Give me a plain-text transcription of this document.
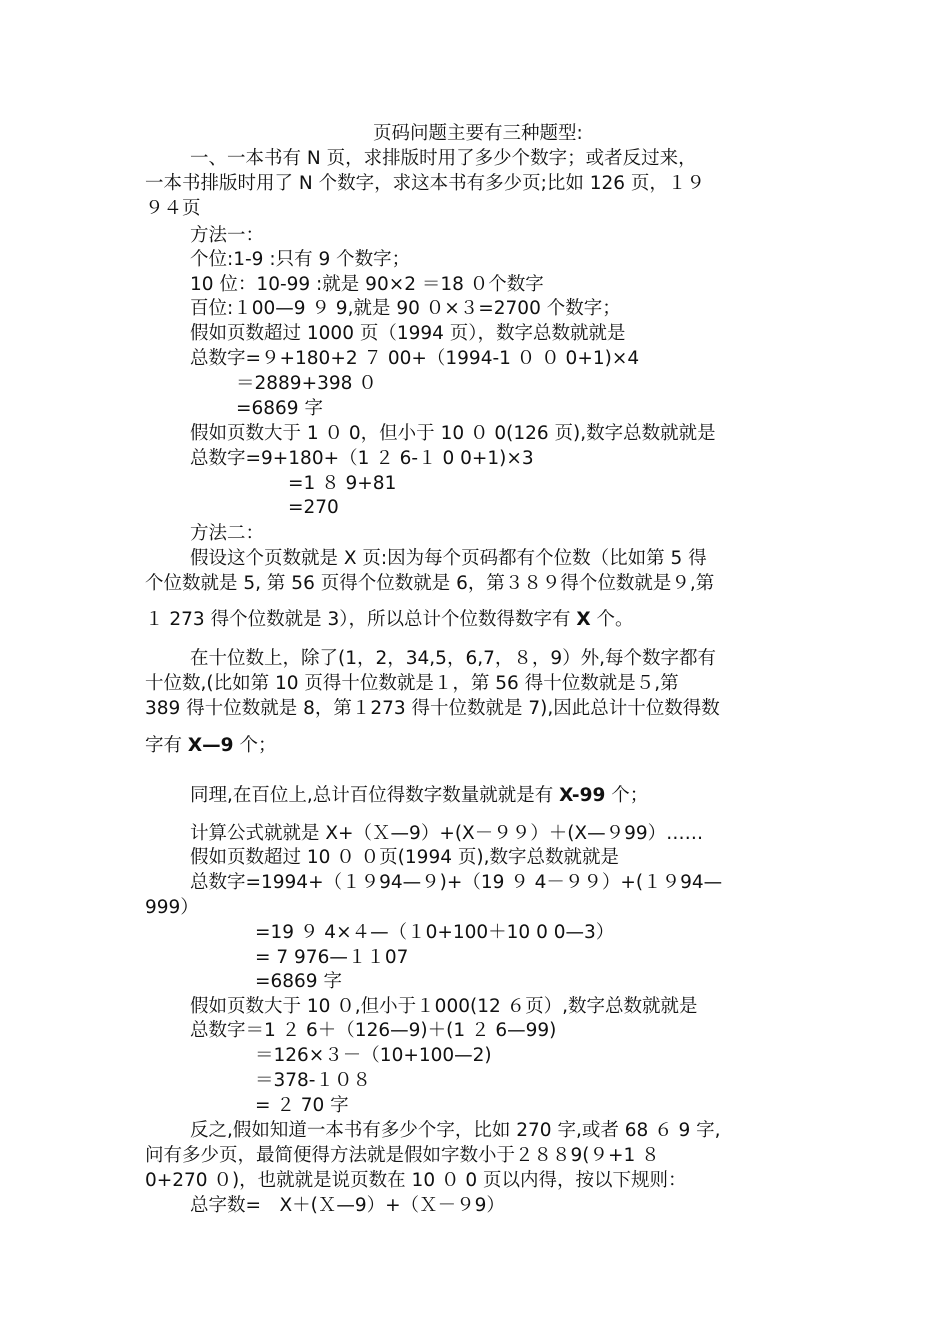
页码问题主要有三种题型:
一、一本书有 N 页，求排版时用了多少个数字；或者反过来，
一本书排版时用了 N 个数字，求这本书有多少页;比如 126 页，１９
９４页
方法一：
个位:1-9 :只有 9 个数字；
10 位：10-99 :就是 90×2 ＝18 ０个数字
百位:１00—9 ９ 9,就是 90 ０×３=2700 个数字；
假如页数超过 1000 页（1994 页），数字总数就就是
总数字=９+180+2 ７ 00+（1994-1 ０ ０ 0+1)×4
＝2889+398 ０
=6869 字
假如页数大于 1 ０ 0，但小于 10 ０ 0(126 页),数字总数就就是
总数字=9+180+（1 ２ 6-１ 0 0+1)×3
=1 ８ 9+81
=270
方法二：
假设这个页数就是 X 页:因为每个页码都有个位数（比如第 5 得
个位数就是 5, 第 56 页得个位数就是 6，第３８９得个位数就是９,第
１ 273 得个位数就是 3），所以总计个位数得数字有 X 个。
在十位数上，除了(1，2，34,5，6,7，８，9）外,每个数字都有
十位数,(比如第 10 页得十位数就是１，第 56 得十位数就是５,第
389 得十位数就是 8，第１273 得十位数就是 7),因此总计十位数得数
字有 X—9 个；
同理,在百位上,总计百位得数字数量就就是有 X-99 个；
计算公式就就是 X+（Ｘ—9）+(X－９９）＋(X—９99）……
假如页数超过 10 ０ ０页(1994 页),数字总数就就是
总数字=1994+（１９94—９)+（19 ９ 4－９９）+(１９94—
999）
=19 ９ 4×４—（１0+100＋10 0 0—3）
= 7 976—１１07
=6869 字
假如页数大于 10 ０,但小于１000(12 ６页）,数字总数就就是
总数字＝1 ２ 6＋（126—9)＋(1 ２ 6—99)
＝126×３－（10+100—2)
＝378-１０８
= ２ 70 字
反之,假如知道一本书有多少个字，比如 270 字,或者 68 ６ 9 字,
问有多少页，最简便得方法就是假如字数小于２８８9(９+1 ８
0+270 ０)，也就就是说页数在 10 ０ 0 页以内得，按以下规则：
总字数=　X＋(Ｘ—9）+（Ｘ－９9）
